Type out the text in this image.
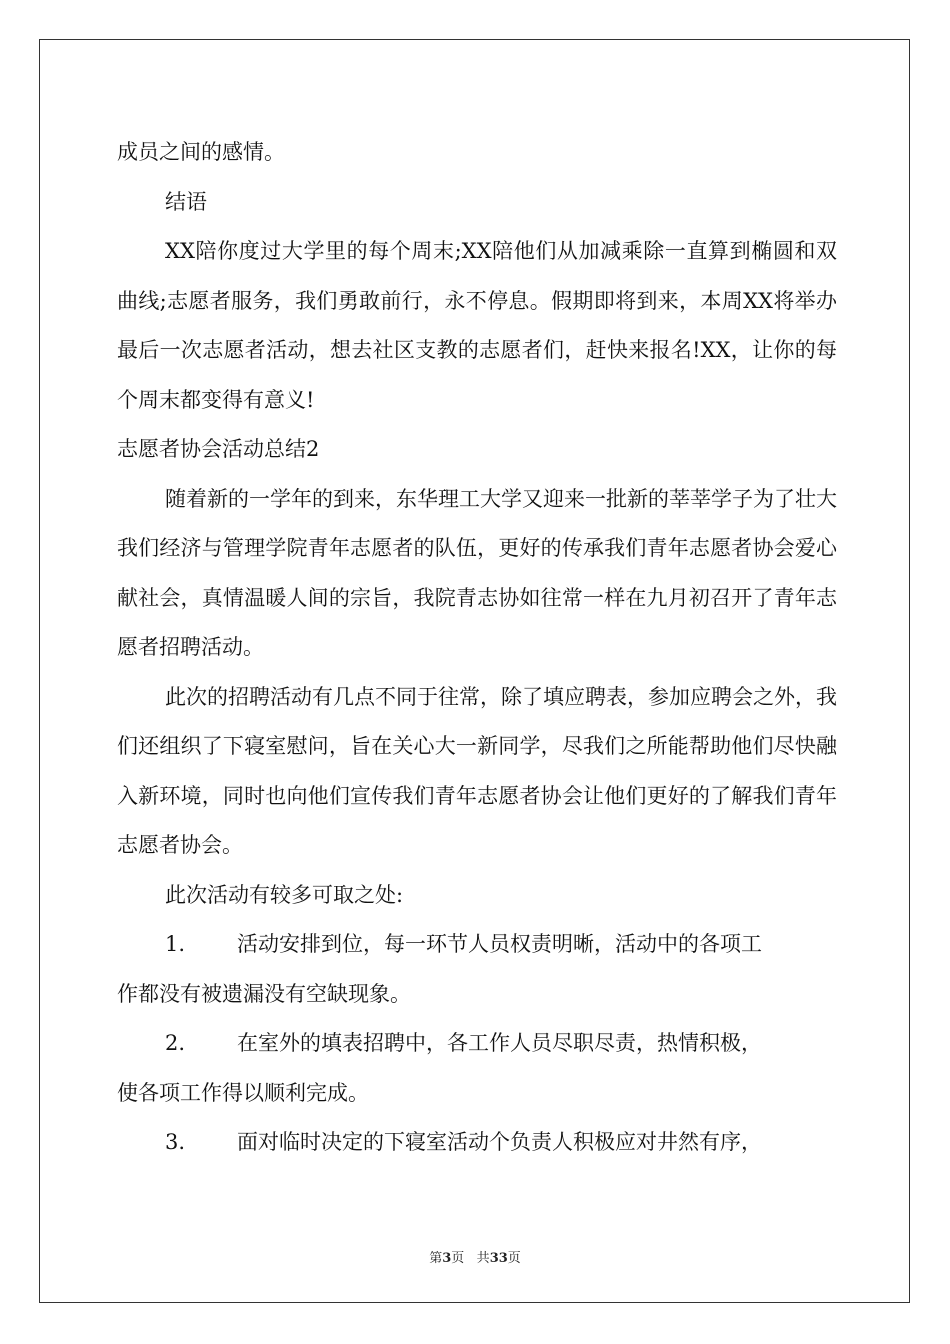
成员之间的感情。

结语

XX陪你度过大学里的每个周末;XX陪他们从加减乘除一直算到椭圆和双曲线;志愿者服务，我们勇敢前行，永不停息。假期即将到来，本周XX将举办最后一次志愿者活动，想去社区支教的志愿者们，赶快来报名!XX，让你的每个周末都变得有意义!

志愿者协会活动总结2

随着新的一学年的到来，东华理工大学又迎来一批新的莘莘学子为了壮大我们经济与管理学院青年志愿者的队伍，更好的传承我们青年志愿者协会爱心献社会，真情温暖人间的宗旨，我院青志协如往常一样在九月初召开了青年志愿者招聘活动。

此次的招聘活动有几点不同于往常，除了填应聘表，参加应聘会之外，我们还组织了下寝室慰问，旨在关心大一新同学，尽我们之所能帮助他们尽快融入新环境，同时也向他们宣传我们青年志愿者协会让他们更好的了解我们青年志愿者协会。

此次活动有较多可取之处:

1.	活动安排到位，每一环节人员权责明晰，活动中的各项工

作都没有被遗漏没有空缺现象。

2.	在室外的填表招聘中，各工作人员尽职尽责，热情积极，

使各项工作得以顺利完成。

3.	面对临时决定的下寝室活动个负责人积极应对井然有序，
第3页 共33页
